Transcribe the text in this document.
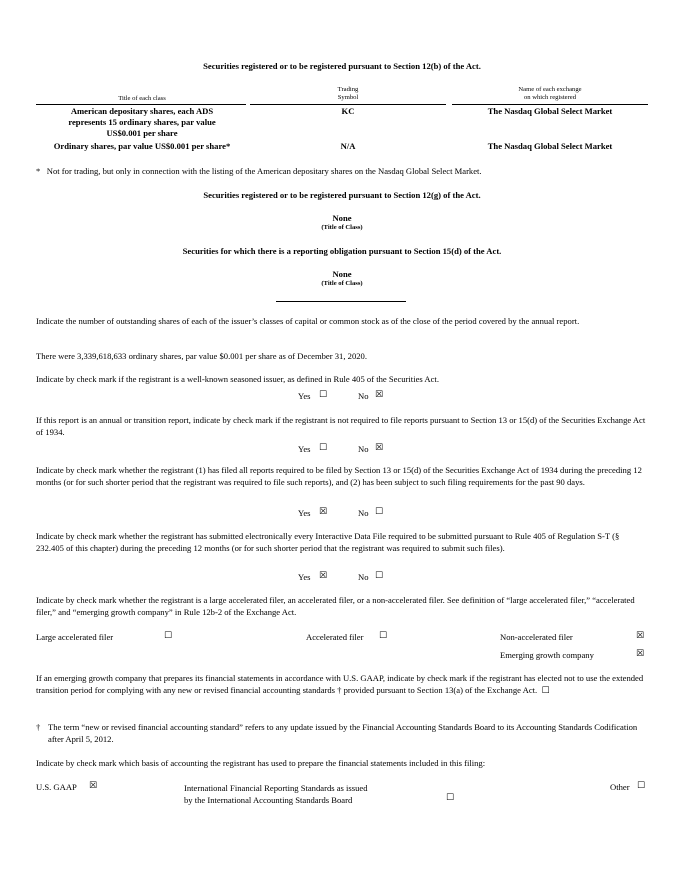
Securities registered or to be registered pursuant to Section 12(b) of the Act.
Title of each class
Trading
Symbol
Name of each exchange
on which registered
American depositary shares, each ADS
represents 15 ordinary shares, par value
US$0.001 per share
KC	The Nasdaq Global Select Market
Ordinary shares, par value US$0.001 per share*	N/A	The Nasdaq Global Select Market
*   Not for trading, but only in connection with the listing of the American depositary shares on the Nasdaq Global Select Market.
Securities registered or to be registered pursuant to Section 12(g) of the Act.
None
(Title of Class)
Securities for which there is a reporting obligation pursuant to Section 15(d) of the Act.
None
(Title of Class)
Indicate the number of outstanding shares of each of the issuer’s classes of capital or common stock as of the close of the period covered by the annual report.
There were 3,339,618,633 ordinary shares, par value $0.001 per share as of December 31, 2020.
Indicate by check mark if the registrant is a well-known seasoned issuer, as defined in Rule 405 of the Securities Act.
Yes ☐	No ☒
If this report is an annual or transition report, indicate by check mark if the registrant is not required to file reports pursuant to Section 13 or 15(d) of the Securities Exchange Act of 1934.
Yes ☐	No ☒
Indicate by check mark whether the registrant (1) has filed all reports required to be filed by Section 13 or 15(d) of the Securities Exchange Act of 1934 during the preceding 12 months (or for such shorter period that the registrant was required to file such reports), and (2) has been subject to such filing requirements for the past 90 days.
Yes ☒	No ☐
Indicate by check mark whether the registrant has submitted electronically every Interactive Data File required to be submitted pursuant to Rule 405 of Regulation S-T (§ 232.405 of this chapter) during the preceding 12 months (or for such shorter period that the registrant was required to submit such files).
Yes ☒	No ☐
Indicate by check mark whether the registrant is a large accelerated filer, an accelerated filer, or a non-accelerated filer. See definition of “large accelerated filer,” “accelerated filer,” and “emerging growth company” in Rule 12b-2 of the Exchange Act.
Large accelerated filer	☐	Accelerated filer ☐	Non-accelerated filer	☒
Emerging growth company	☒
If an emerging growth company that prepares its financial statements in accordance with U.S. GAAP, indicate by check mark if the registrant has elected not to use the extended transition period for complying with any new or revised financial accounting standards † provided pursuant to Section 13(a) of the Exchange Act. ☐
† The term “new or revised financial accounting standard” refers to any update issued by the Financial Accounting Standards Board to its Accounting Standards Codification after April 5, 2012.
Indicate by check mark which basis of accounting the registrant has used to prepare the financial statements included in this filing:
U.S. GAAP ☒	International Financial Reporting Standards as issued
by the International Accounting Standards Board	☐
Other ☐
